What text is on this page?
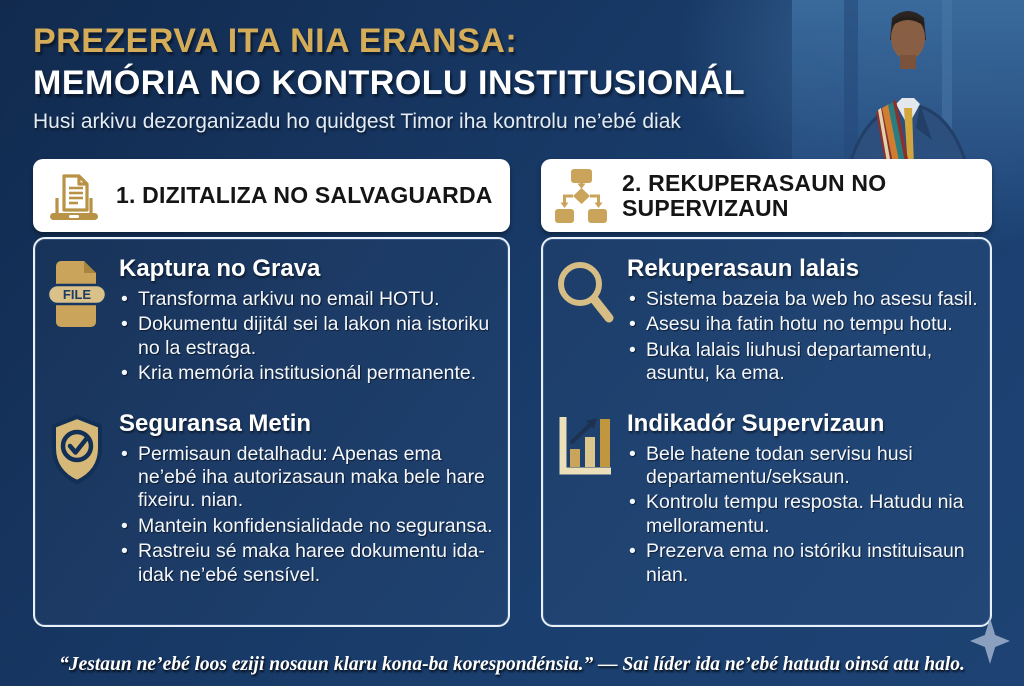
PREZERVA ITA NIA ERANSA:
MEMÓRIA NO KONTROLU INSTITUSIONÁL
Husi arkivu dezorganizadu ho quidgest Timor iha kontrolu ne’ebé diak
1. DIZITALIZA NO SALVAGUARDA
FILE
Kaptura no Grava
• Transforma arkivu no email HOTU.
• Dokumentu dijitál sei la lakon nia istoriku no la estraga.
• Kria memória institusionál permanente.
Seguransa Metin
• Permisaun detalhadu: Apenas ema ne’ebé iha autorizasaun maka bele hare fixeiru. nian.
• Mantein konfidensialidade no seguransa.
• Rastreiu sé maka haree dokumentu ida-idak ne’ebé sensível.
2. REKUPERASAUN NO SUPERVIZAUN
Rekuperasaun lalais
• Sistema bazeia ba web ho asesu fasil.
• Asesu iha fatin hotu no tempu hotu.
• Buka lalais liuhusi departamentu, asuntu, ka ema.
Indikadór Supervizaun
• Bele hatene todan servisu husi departamentu/seksaun.
• Kontrolu tempu resposta. Hatudu nia melloramentu.
• Prezerva ema no istóriku instituisaun nian.
“Jestaun ne’ebé loos eziji nosaun klaru kona-ba korespondénsia.” — Sai líder ida ne’ebé hatudu oinsá atu halo.
